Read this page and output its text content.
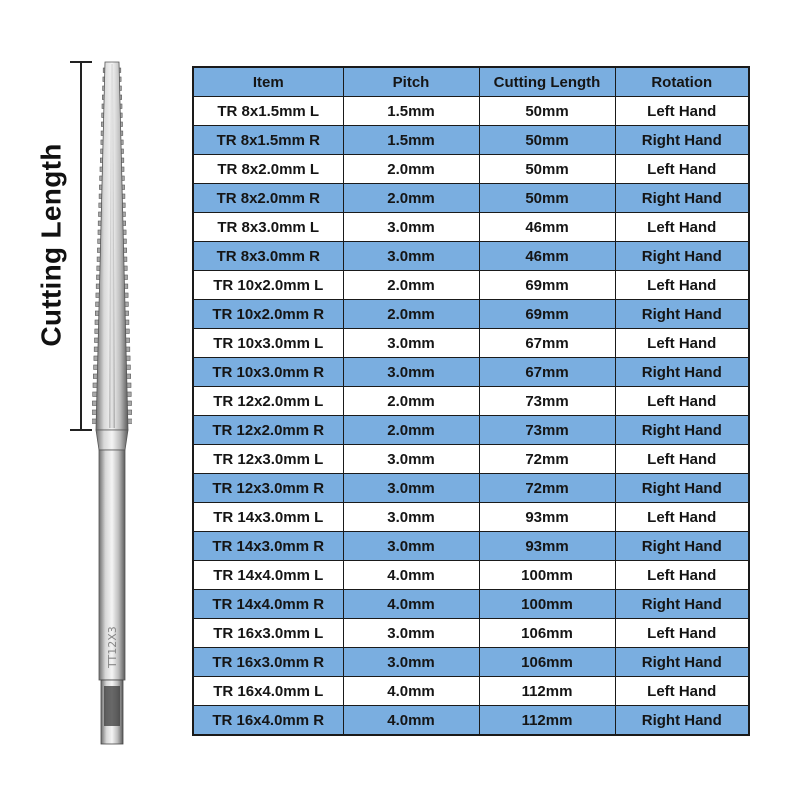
Cutting Length
TT12X3
Item	Pitch	Cutting Length	Rotation
TR 8x1.5mm L	1.5mm	50mm	Left Hand
TR 8x1.5mm R	1.5mm	50mm	Right Hand
TR 8x2.0mm L	2.0mm	50mm	Left Hand
TR 8x2.0mm R	2.0mm	50mm	Right Hand
TR 8x3.0mm L	3.0mm	46mm	Left Hand
TR 8x3.0mm R	3.0mm	46mm	Right Hand
TR 10x2.0mm L	2.0mm	69mm	Left Hand
TR 10x2.0mm R	2.0mm	69mm	Right Hand
TR 10x3.0mm L	3.0mm	67mm	Left Hand
TR 10x3.0mm R	3.0mm	67mm	Right Hand
TR 12x2.0mm L	2.0mm	73mm	Left Hand
TR 12x2.0mm R	2.0mm	73mm	Right Hand
TR 12x3.0mm L	3.0mm	72mm	Left Hand
TR 12x3.0mm R	3.0mm	72mm	Right Hand
TR 14x3.0mm L	3.0mm	93mm	Left Hand
TR 14x3.0mm R	3.0mm	93mm	Right Hand
TR 14x4.0mm L	4.0mm	100mm	Left Hand
TR 14x4.0mm R	4.0mm	100mm	Right Hand
TR 16x3.0mm L	3.0mm	106mm	Left Hand
TR 16x3.0mm R	3.0mm	106mm	Right Hand
TR 16x4.0mm L	4.0mm	112mm	Left Hand
TR 16x4.0mm R	4.0mm	112mm	Right Hand
